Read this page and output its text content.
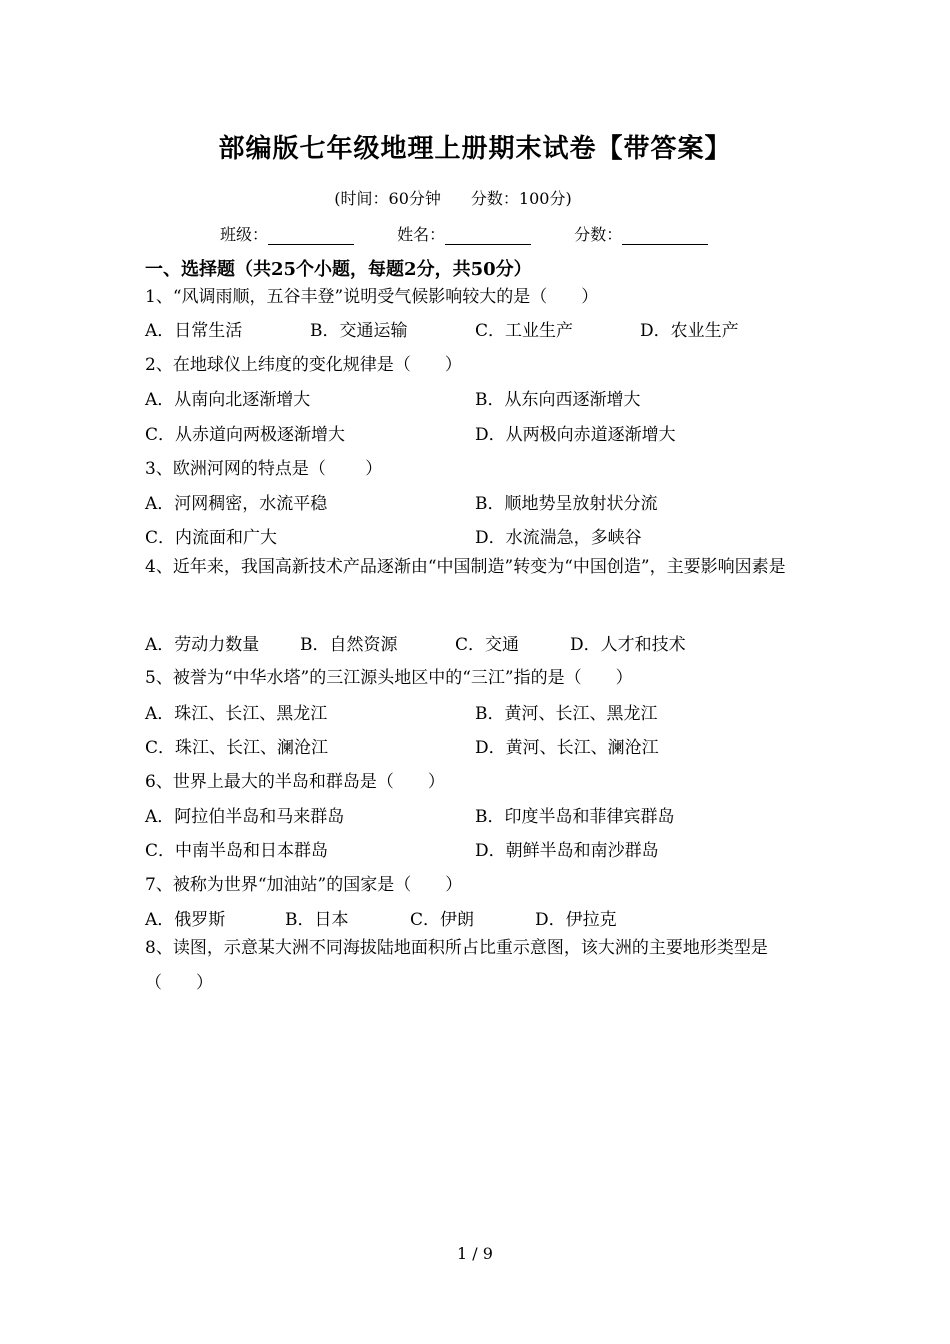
部编版七年级地理上册期末试卷【带答案】
(时间：60分钟 分数：100分)
班级：	姓名：	分数：
一、选择题（共25个小题，每题2分，共50分）
1、“风调雨顺，五谷丰登”说明受气候影响较大的是（　　）
A．日常生活	B．交通运输	C．工业生产	D．农业生产
2、在地球仪上纬度的变化规律是（　　）
A．从南向北逐渐增大	B．从东向西逐渐增大
C．从赤道向两极逐渐增大	D．从两极向赤道逐渐增大
3、欧洲河网的特点是（　　 ）
A．河网稠密，水流平稳	B．顺地势呈放射状分流
C．内流面和广大	D．水流湍急，多峡谷
4、近年来，我国高新技术产品逐渐由“中国制造”转变为“中国创造”，主要影响因素是
A．劳动力数量 B．自然资源	C．交通	D．人才和技术
5、被誉为“中华水塔”的三江源头地区中的“三江”指的是（　　）
A．珠江、长江、黑龙江	B．黄河、长江、黑龙江
C．珠江、长江、澜沧江	D．黄河、长江、澜沧江
6、世界上最大的半岛和群岛是（　　）
A．阿拉伯半岛和马来群岛	B．印度半岛和菲律宾群岛
C．中南半岛和日本群岛	D．朝鲜半岛和南沙群岛
7、被称为世界“加油站”的国家是（　　）
A．俄罗斯	B．日本	C．伊朗	D．伊拉克
8、读图，示意某大洲不同海拔陆地面积所占比重示意图，该大洲的主要地形类型是（　　）
1 / 9
